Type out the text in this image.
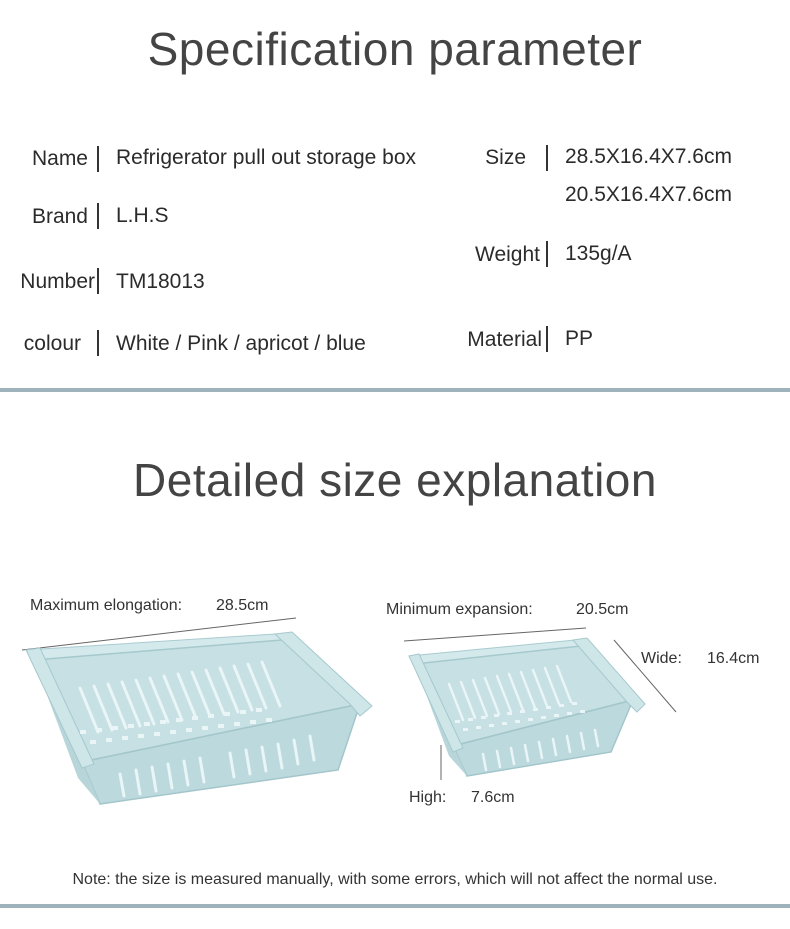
Specification parameter
Name Refrigerator pull out storage box
Brand L.H.S
Number TM18013
colour White / Pink / apricot / blue
Size 28.5X16.4X7.6cm
20.5X16.4X7.6cm
Weight 135g/A
Material PP
Detailed size explanation
Maximum elongation: 28.5cm	Minimum expansion:	20.5cm
Wide: 16.4cm
High: 7.6cm
Note: the size is measured manually, with some errors, which will not affect the normal use.
